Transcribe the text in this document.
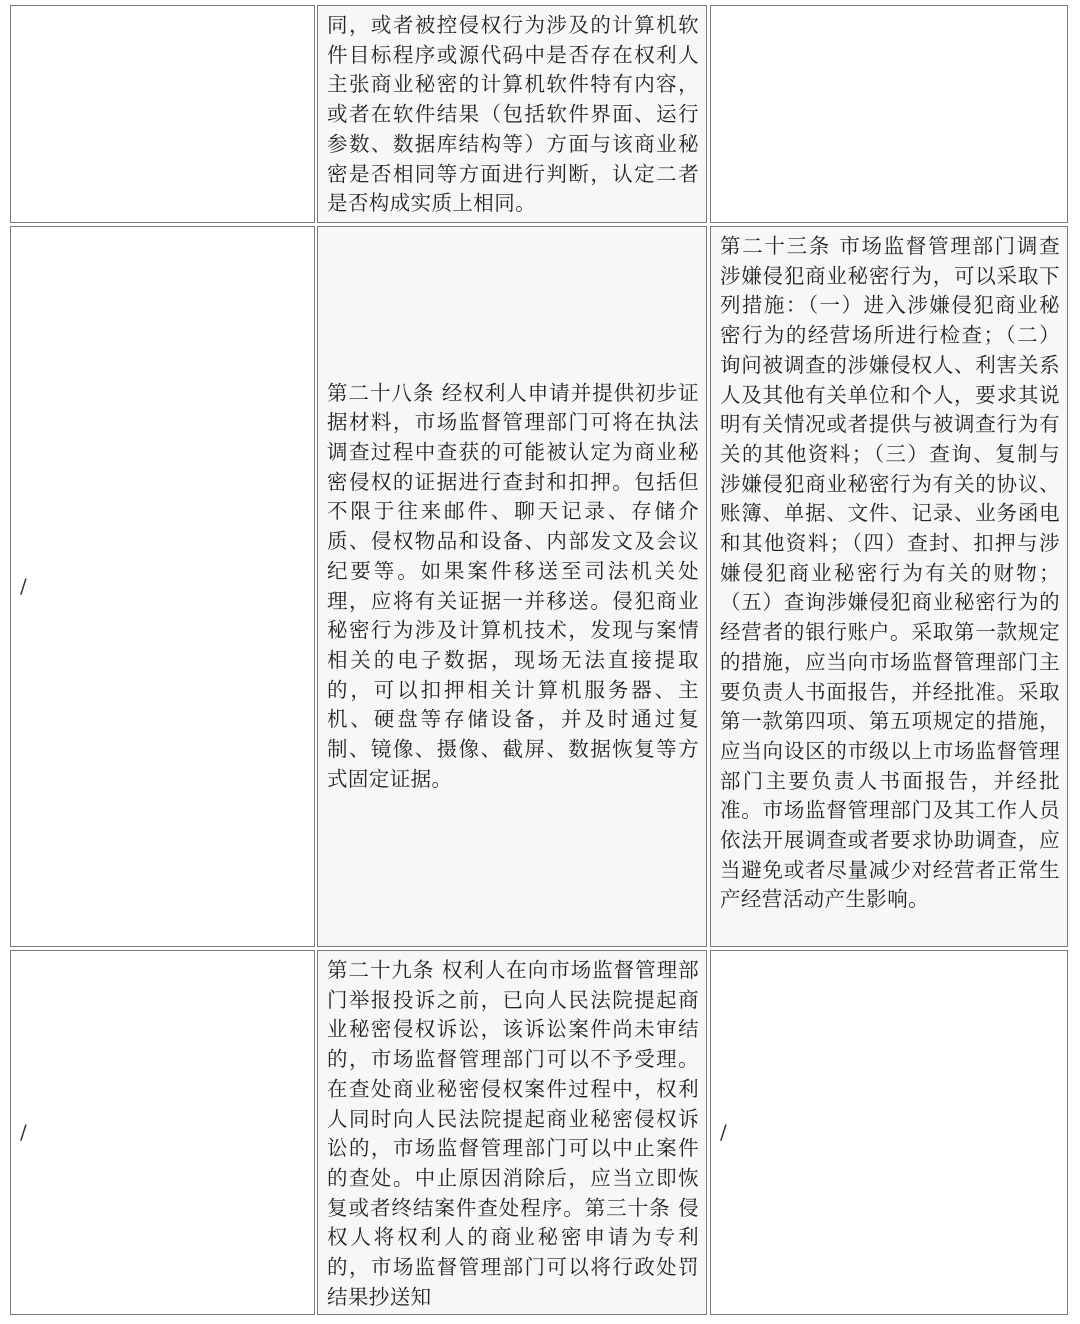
同，或者被控侵权行为涉及的计算机软件目标程序或源代码中是否存在权利人主张商业秘密的计算机软件特有内容，或者在软件结果（包括软件界面、运行参数、数据库结构等）方面与该商业秘密是否相同等方面进行判断，认定二者是否构成实质上相同。
/
第二十八条 经权利人申请并提供初步证据材料，市场监督管理部门可将在执法调查过程中查获的可能被认定为商业秘密侵权的证据进行查封和扣押。包括但不限于往来邮件、聊天记录、存储介质、侵权物品和设备、内部发文及会议纪要等。如果案件移送至司法机关处理，应将有关证据一并移送。侵犯商业秘密行为涉及计算机技术，发现与案情相关的电子数据，现场无法直接提取的，可以扣押相关计算机服务器、主机、硬盘等存储设备，并及时通过复制、镜像、摄像、截屏、数据恢复等方式固定证据。
第二十三条 市场监督管理部门调查涉嫌侵犯商业秘密行为，可以采取下列措施：（一）进入涉嫌侵犯商业秘密行为的经营场所进行检查；（二）询问被调查的涉嫌侵权人、利害关系人及其他有关单位和个人，要求其说明有关情况或者提供与被调查行为有关的其他资料；（三）查询、复制与涉嫌侵犯商业秘密行为有关的协议、账簿、单据、文件、记录、业务函电和其他资料；（四）查封、扣押与涉嫌侵犯商业秘密行为有关的财物；（五）查询涉嫌侵犯商业秘密行为的经营者的银行账户。采取第一款规定的措施，应当向市场监督管理部门主要负责人书面报告，并经批准。采取第一款第四项、第五项规定的措施，应当向设区的市级以上市场监督管理部门主要负责人书面报告，并经批准。市场监督管理部门及其工作人员依法开展调查或者要求协助调查，应当避免或者尽量减少对经营者正常生产经营活动产生影响。
/
第二十九条 权利人在向市场监督管理部门举报投诉之前，已向人民法院提起商业秘密侵权诉讼，该诉讼案件尚未审结的，市场监督管理部门可以不予受理。在查处商业秘密侵权案件过程中，权利人同时向人民法院提起商业秘密侵权诉讼的，市场监督管理部门可以中止案件的查处。中止原因消除后，应当立即恢复或者终结案件查处程序。第三十条 侵权人将权利人的商业秘密申请为专利的，市场监督管理部门可以将行政处罚结果抄送知
/
